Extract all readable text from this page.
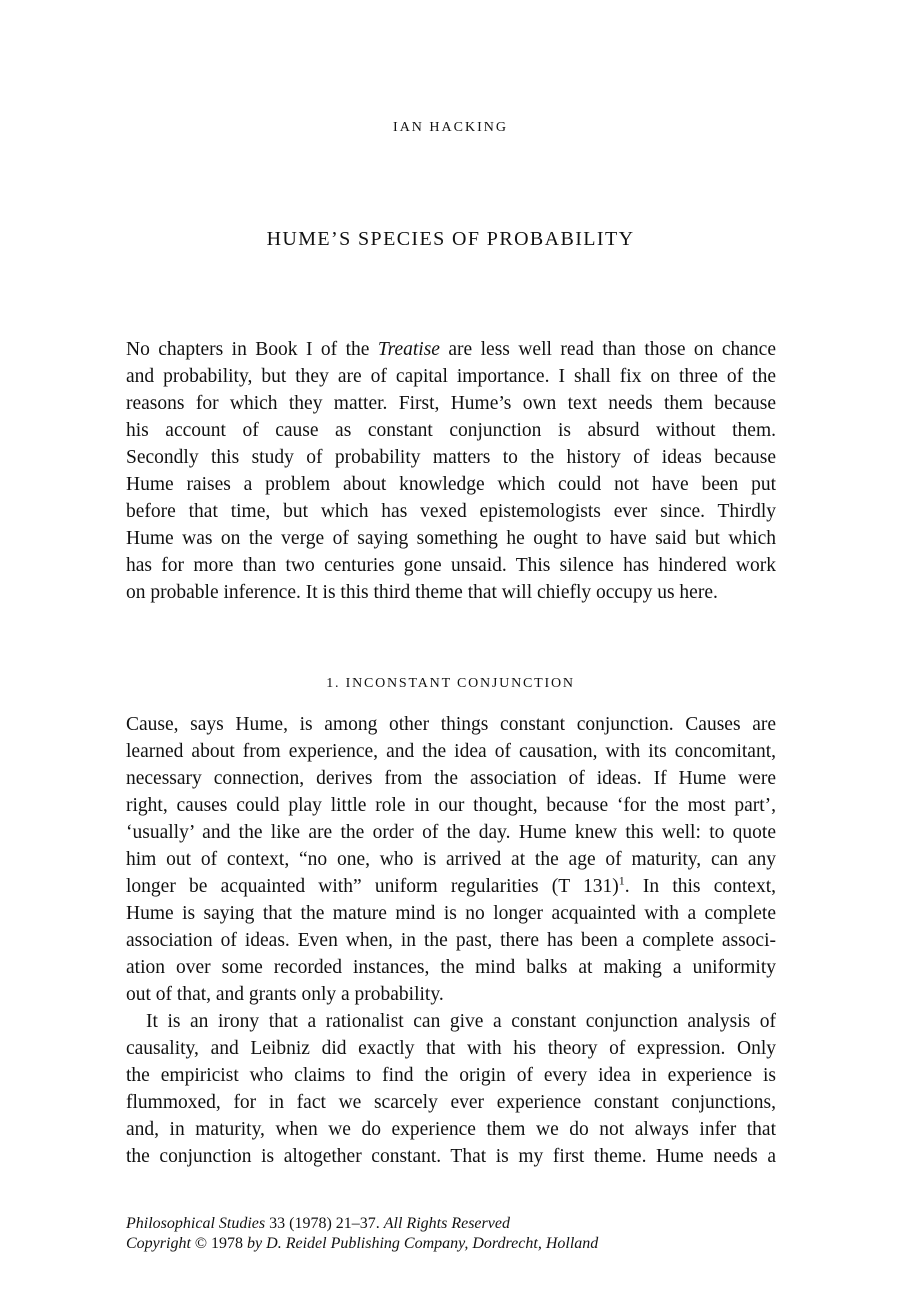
IAN HACKING

HUME’S SPECIES OF PROBABILITY
No chapters in Book I of the Treatise are less well read than those on chance
and probability, but they are of capital importance. I shall fix on three of the
reasons for which they matter. First, Hume’s own text needs them because
his account of cause as constant conjunction is absurd without them.
Secondly this study of probability matters to the history of ideas because
Hume raises a problem about knowledge which could not have been put
before that time, but which has vexed epistemologists ever since. Thirdly
Hume was on the verge of saying something he ought to have said but which
has for more than two centuries gone unsaid. This silence has hindered work
on probable inference. It is this third theme that will chiefly occupy us here.
1. INCONSTANT CONJUNCTION
Cause, says Hume, is among other things constant conjunction. Causes are
learned about from experience, and the idea of causation, with its concomitant,
necessary connection, derives from the association of ideas. If Hume were
right, causes could play little role in our thought, because ‘for the most part’,
‘usually’ and the like are the order of the day. Hume knew this well: to quote
him out of context, “no one, who is arrived at the age of maturity, can any
longer be acquainted with” uniform regularities (T 131)$^1$. In this context,
Hume is saying that the mature mind is no longer acquainted with a complete
association of ideas. Even when, in the past, there has been a complete associ-
ation over some recorded instances, the mind balks at making a uniformity
out of that, and grants only a probability.
It is an irony that a rationalist can give a constant conjunction analysis of
causality, and Leibniz did exactly that with his theory of expression. Only
the empiricist who claims to find the origin of every idea in experience is
flummoxed, for in fact we scarcely ever experience constant conjunctions,
and, in maturity, when we do experience them we do not always infer that
the conjunction is altogether constant. That is my first theme. Hume needs a
Philosophical Studies 33 (1978) 21–37. All Rights Reserved
Copyright © 1978 by D. Reidel Publishing Company, Dordrecht, Holland
